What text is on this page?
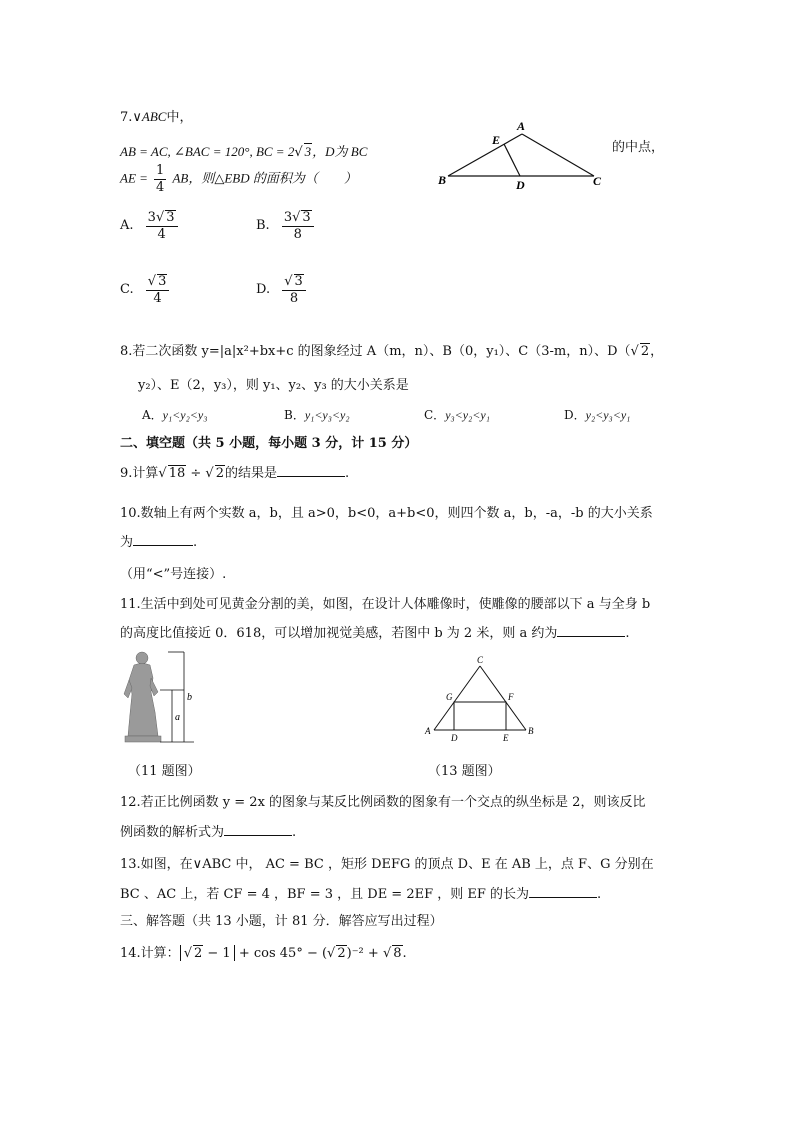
7.∨ABC中，
AB = AC, ∠BAC = 120°, BC = 2√ 3，D为 BC	的中点，
AE = $\frac{1}{4}$ AB，则△EBD 的面积为（　　）
A
E
B	D	C
A. $\frac{3√ 3}{4}$	B. $\frac{3√ 3}{8}$
C. $\frac{√ 3}{4}$	D. $\frac{√ 3}{8}$
8.若二次函数 y=|a|x²+bx+c 的图象经过 A（m，n）、B（0，y₁）、C（3-m，n）、D（√ 2，
y₂）、E（2，y₃），则 y₁、y₂、y₃ 的大小关系是
A．y₁<y₂<y₃	B．y₁<y₃<y₂	C．y₃<y₂<y₁	D．y₂<y₃<y₁
二、填空题（共 5 小题，每小题 3 分，计 15 分）
9.计算√ 18 ÷ √ 2的结果是	.
10.数轴上有两个实数 a，b，且 a>0，b<0，a+b<0，则四个数 a，b，-a，-b 的大小关系
为	.
（用“<”号连接）.
11.生活中到处可见黄金分割的美，如图，在设计人体雕像时，使雕像的腰部以下 a 与全身 b
的高度比值接近 0．618，可以增加视觉美感，若图中 b 为 2 米，则 a 约为	.
b
a
C
G	F
A	B
D	E
（11 题图）	（13 题图）
12.若正比例函数 y = 2x 的图象与某反比例函数的图象有一个交点的纵坐标是 2，则该反比
例函数的解析式为	.
13.如图，在∨ABC 中， AC = BC ，矩形 DEFG 的顶点 D、E 在 AB 上，点 F、G 分别在
BC 、AC 上，若 CF = 4 ，BF = 3 ，且 DE = 2EF ，则 EF 的长为	.
三、解答题（共 13 小题，计 81 分．解答应写出过程）
14.计算： √ 2 − 1 + cos 45° − (√ 2)⁻² + √ 8.
